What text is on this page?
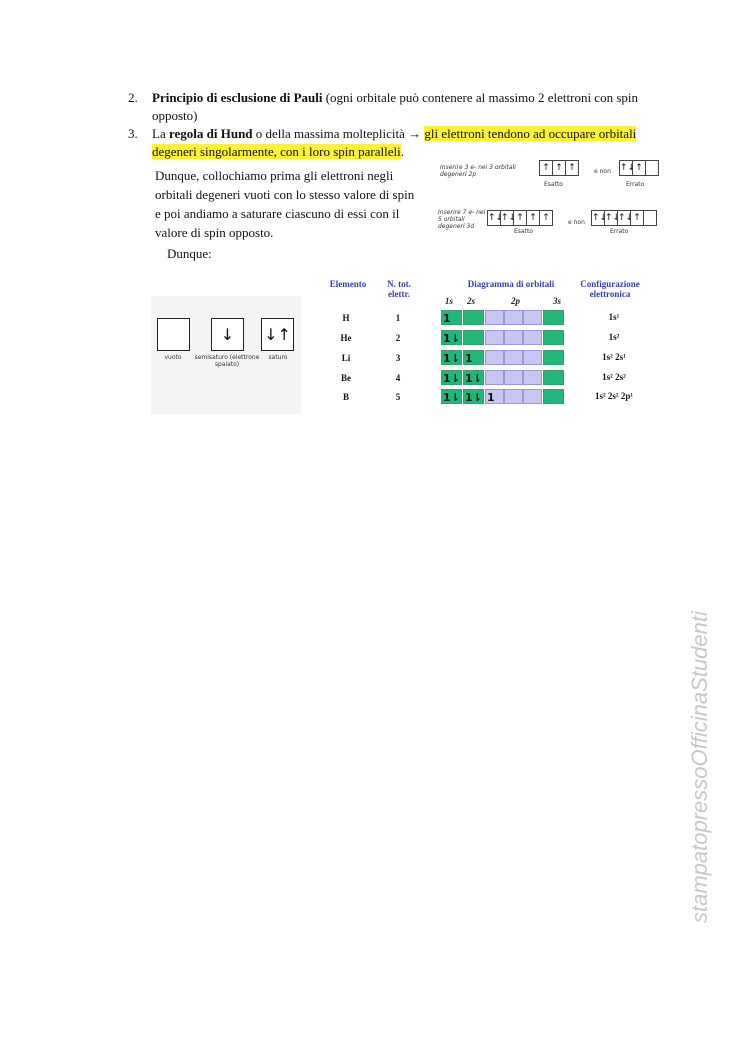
2. Principio di esclusione di Pauli (ogni orbitale può contenere al massimo 2 elettroni con spin opposto)
3. La regola di Hund o della massima molteplicità → gli elettroni tendono ad occupare orbitali degeneri singolarmente, con i loro spin paralleli.
Dunque, collochiamo prima gli elettroni negli orbitali degeneri vuoti con lo stesso valore di spin e poi andiamo a saturare ciascuno di essi con il valore di spin opposto.
Dunque:
Inserire 3 e- nei 3 orbitali degeneri 2p
↑ ↑ ↑	e non ↑↓ ↑
Esatto	Errato
Inserire 7 e- nei 5 orbitali degeneri 3d
↑↓
↑↓ ↑ ↑ ↑	e non ↑↓
↑↓
↑↓ ↑
Esatto	Errato
vuoto
↓
semisaturo (elettrone spaiato)
↓↑
saturo
Elemento	N. tot. elettr.
Diagramma di orbitali	Configurazione elettronica
1s 2s	2p	3s
H	1	1	1s¹
He	2	1⇂	1s²
Li	3	1⇂ 1	1s² 2s¹
Be	4	1⇂ 1⇂	1s² 2s²
B	5	1⇂ 1⇂ 1	1s² 2s² 2p¹
stampatopressoOfficinaStudenti
